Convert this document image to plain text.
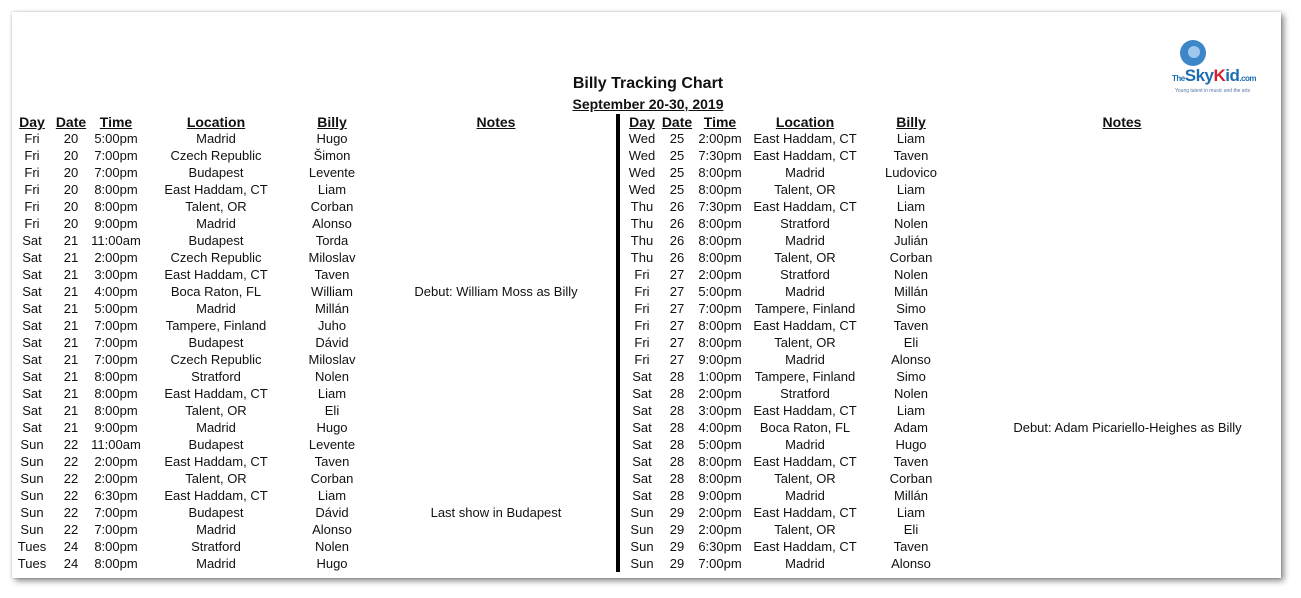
Billy Tracking Chart
September 20-30, 2019
TheSkyKid.com
Young talent in music and the arts
Day Date Time	Location	Billy	Notes	Day Date Time	Location	Billy	Notes
Fri	20	5:00pm	Madrid	Hugo
Fri	20	7:00pm	Czech Republic	Šimon
Fri	20	7:00pm	Budapest	Levente
Fri	20	8:00pm	East Haddam, CT	Liam
Fri	20	8:00pm	Talent, OR	Corban
Fri	20	9:00pm	Madrid	Alonso
Sat	21 11:00am	Budapest	Torda
Sat	21	2:00pm	Czech Republic	Miloslav
Sat	21	3:00pm	East Haddam, CT	Taven
Sat	21	4:00pm	Boca Raton, FL	William	Debut: William Moss as Billy
Sat	21	5:00pm	Madrid	Millán
Sat	21	7:00pm	Tampere, Finland	Juho
Sat	21	7:00pm	Budapest	Dávid
Sat	21	7:00pm	Czech Republic	Miloslav
Sat	21	8:00pm	Stratford	Nolen
Sat	21	8:00pm	East Haddam, CT	Liam
Sat	21	8:00pm	Talent, OR	Eli
Sat	21	9:00pm	Madrid	Hugo
Sun	22 11:00am	Budapest	Levente
Sun	22	2:00pm	East Haddam, CT	Taven
Sun	22	2:00pm	Talent, OR	Corban
Sun	22	6:30pm	East Haddam, CT	Liam
Sun	22	7:00pm	Budapest	Dávid	Last show in Budapest
Sun	22	7:00pm	Madrid	Alonso
Tues	24	8:00pm	Stratford	Nolen
Tues	24	8:00pm	Madrid	Hugo
Wed	25	2:00pm East Haddam, CT	Liam
Wed	25	7:30pm East Haddam, CT	Taven
Wed	25	8:00pm	Madrid	Ludovico
Wed	25	8:00pm	Talent, OR	Liam
Thu	26	7:30pm East Haddam, CT	Liam
Thu	26	8:00pm	Stratford	Nolen
Thu	26	8:00pm	Madrid	Julián
Thu	26	8:00pm	Talent, OR	Corban
Fri	27	2:00pm	Stratford	Nolen
Fri	27	5:00pm	Madrid	Millán
Fri	27	7:00pm	Tampere, Finland	Simo
Fri	27	8:00pm East Haddam, CT	Taven
Fri	27	8:00pm	Talent, OR	Eli
Fri	27	9:00pm	Madrid	Alonso
Sat	28	1:00pm	Tampere, Finland	Simo
Sat	28	2:00pm	Stratford	Nolen
Sat	28	3:00pm East Haddam, CT	Liam
Sat	28	4:00pm	Boca Raton, FL	Adam	Debut: Adam Picariello-Heighes as Billy
Sat	28	5:00pm	Madrid	Hugo
Sat	28	8:00pm East Haddam, CT	Taven
Sat	28	8:00pm	Talent, OR	Corban
Sat	28	9:00pm	Madrid	Millán
Sun	29	2:00pm East Haddam, CT	Liam
Sun	29	2:00pm	Talent, OR	Eli
Sun	29	6:30pm East Haddam, CT	Taven
Sun	29	7:00pm	Madrid	Alonso
